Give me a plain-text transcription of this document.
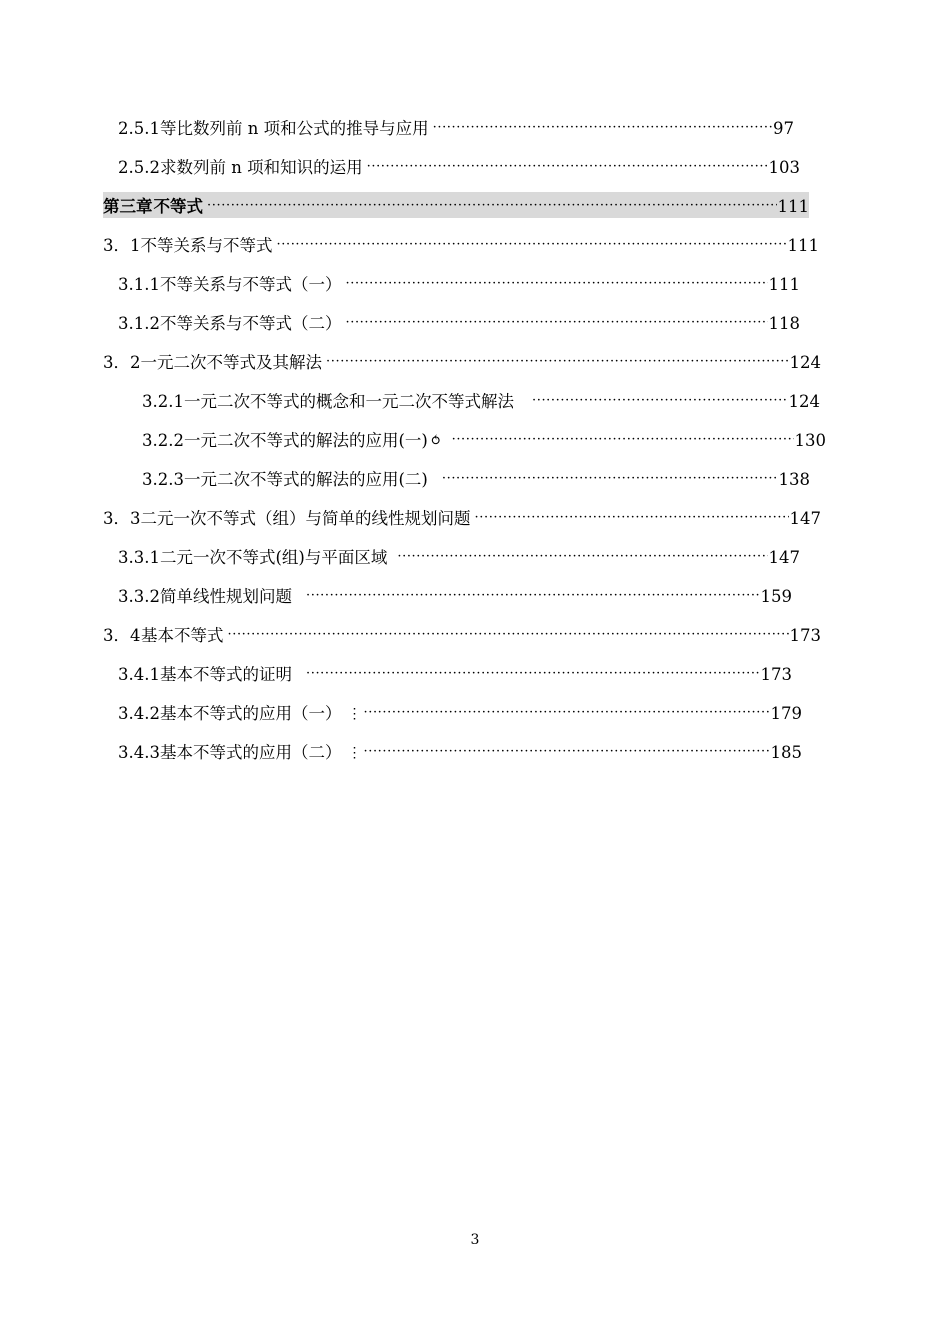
2.5.1 等比数列前 n 项和公式的推导与应用 ·····	97
2.5.2 求数列前 n 项和知识的运用 ·····	103
第三章 不等式 ·····	111
3．1 不等关系与不等式 ·····	111
3.1.1 不等关系与不等式（一） ·····	111
3.1.2 不等关系与不等式（二） ·····	118
3．2 一元二次不等式及其解法 ·····	124
3.2.1 一元二次不等式的概念和一元二次不等式解法 ·····	124
3.2.2 一元二次不等式的解法的应用(一) ⥀ ·····	130
3.2.3 一元二次不等式的解法的应用(二) ·····	138
3．3 二元一次不等式（组）与简单的线性规划问题 ·····	147
3.3.1 二元一次不等式(组)与平面区域 ·····	147
3.3.2 简单线性规划问题 ·····	159
3．4 基本不等式 ·····	173
3.4.1 基本不等式的证明 ·····	173
3.4.2 基本不等式的应用（一） ⋮ ·····	179
3.4.3 基本不等式的应用（二） ⋮ ·····	185
3
